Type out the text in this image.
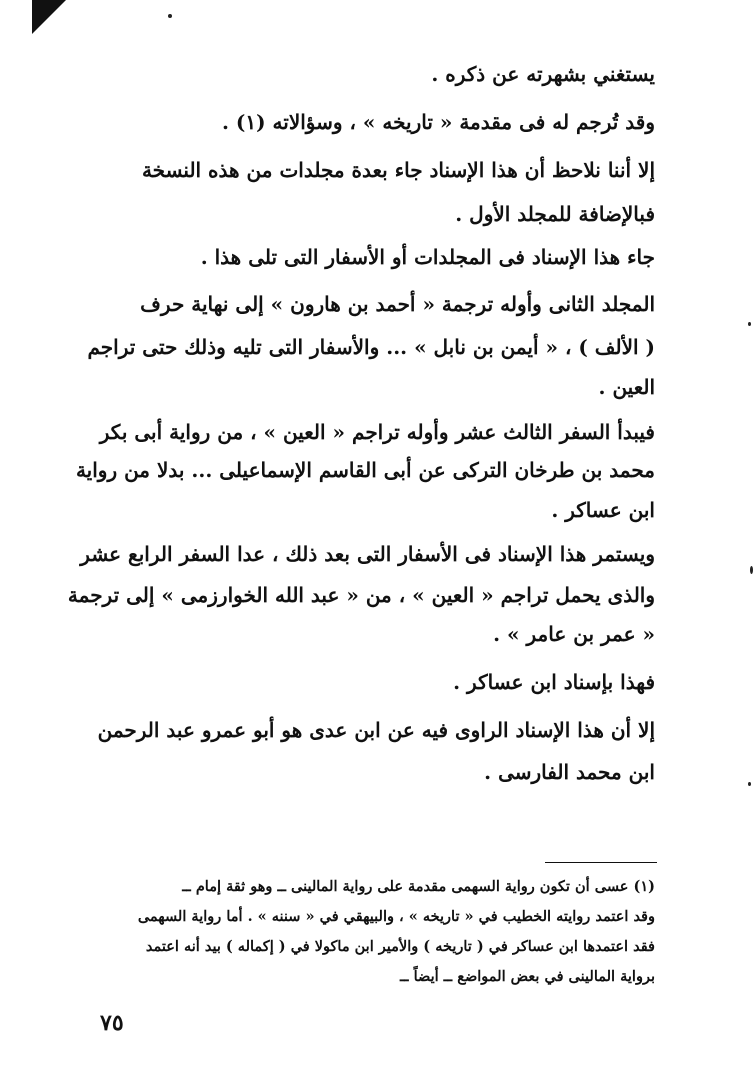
يستغني بشهرته عن ذكره .
وقد تُرجم له فى مقدمة « تاريخه » ، وسؤالاته (١) .
إلا أننا نلاحظ أن هذا الإسناد جاء بعدة مجلدات من هذه النسخة
فبالإضافة للمجلد الأول .
جاء هذا الإسناد فى المجلدات أو الأسفار التى تلى هذا .
المجلد الثانى وأوله ترجمة « أحمد بن هارون » إلى نهاية حرف
( الألف ) ، « أيمن بن نابل » ... والأسفار التى تليه وذلك حتى تراجم
العين .
فيبدأ السفر الثالث عشر وأوله تراجم « العين » ، من رواية أبى بكر
محمد بن طرخان التركى عن أبى القاسم الإسماعيلى ... بدلا من رواية
ابن عساكر .
ويستمر هذا الإسناد فى الأسفار التى بعد ذلك ، عدا السفر الرابع عشر
والذى يحمل تراجم « العين » ، من « عبد الله الخوارزمى » إلى ترجمة
« عمر بن عامر » .
فهذا بإسناد ابن عساكر .
إلا أن هذا الإسناد الراوى فيه عن ابن عدى هو أبو عمرو عبد الرحمن
ابن محمد الفارسى .
(١) عسى أن تكون رواية السهمى مقدمة على رواية المالينى ــ وهو ثقة إمام ــ
وقد اعتمد روايته الخطيب في « تاريخه » ، والبيهقي في « سننه » . أما رواية السهمى
فقد اعتمدها ابن عساكر في ( تاريخه ) والأمير ابن ماكولا في ( إكماله ) بيد أنه اعتمد
برواية المالينى في بعض المواضع ــ أيضاً ــ
٧٥
